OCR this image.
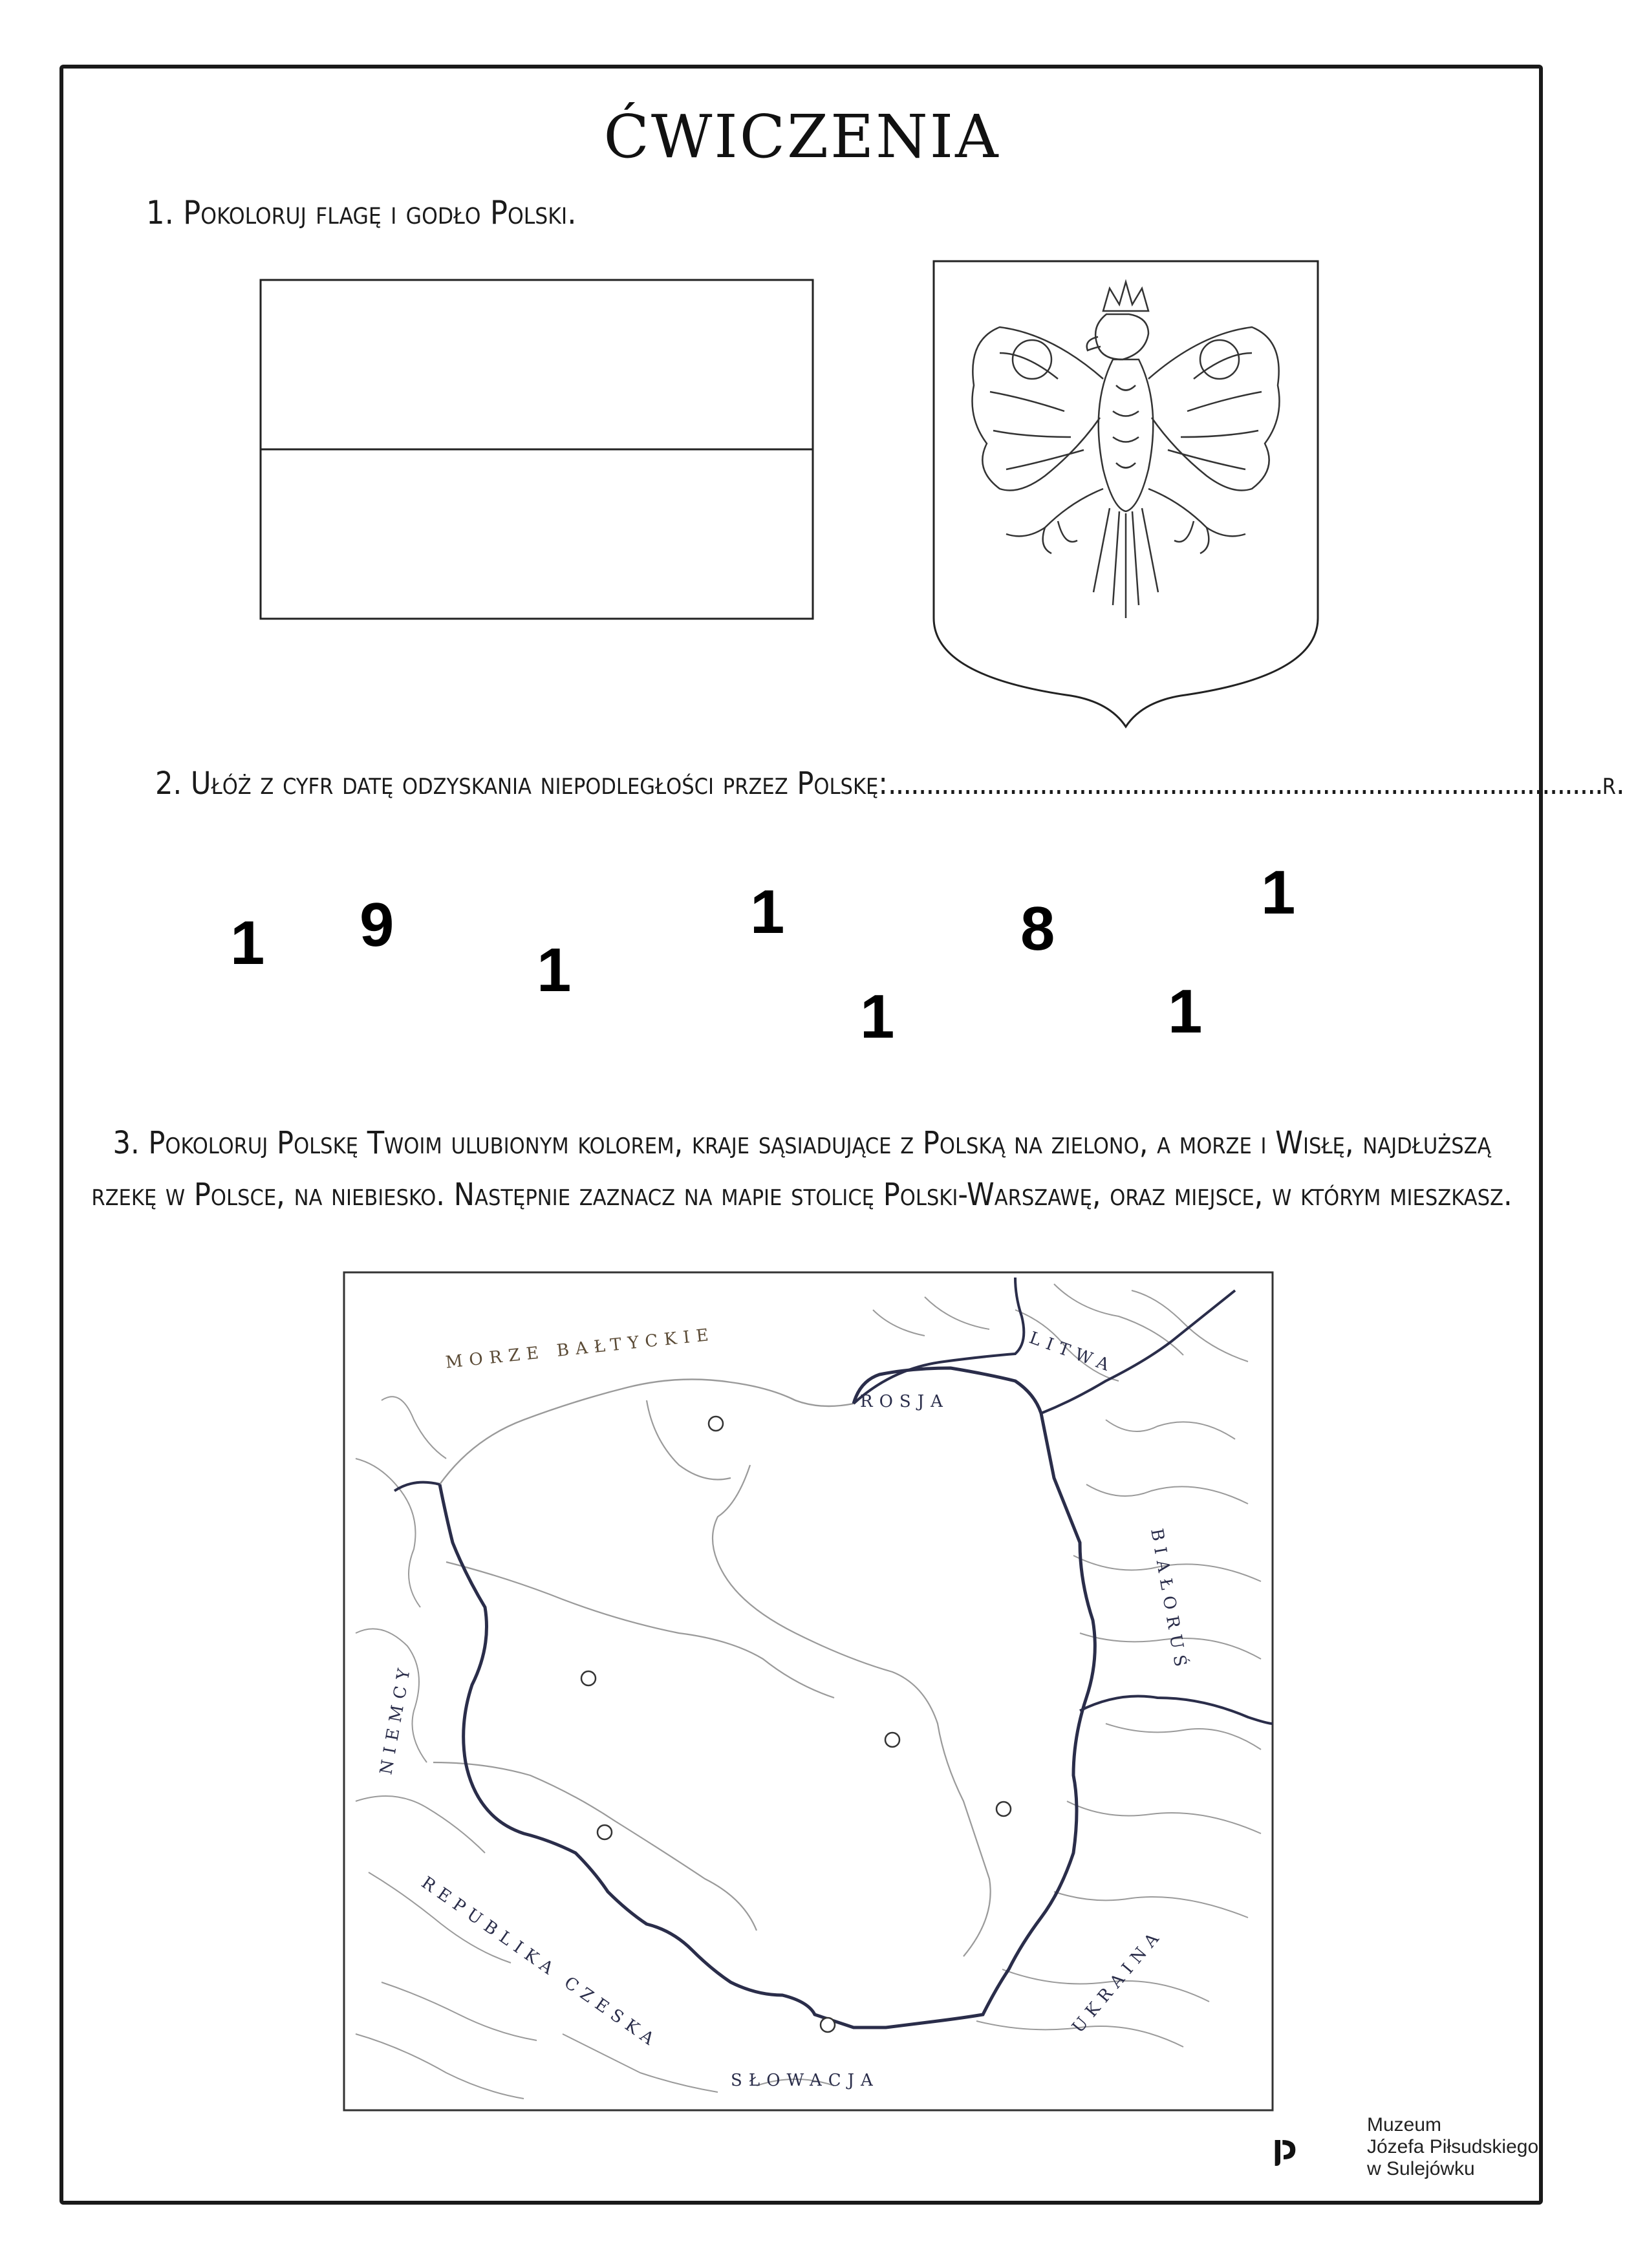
ĆWICZENIA
1. Pokoloruj flagę i godło Polski.
2. Ułóż z cyfr datę odzyskania niepodległości przez Polskę:..............................................................................................r.
1 9
1
1
1
8
1
1
3. Pokoloruj Polskę Twoim ulubionym kolorem, kraje sąsiadujące z Polską na zielono, a morze i Wisłę, najdłuższą
rzekę w Polsce, na niebiesko. Następnie zaznacz na mapie stolicę Polski-Warszawę, oraz miejsce, w którym mieszkasz.
MORZE BAŁTYCKIE
ROSJA
LITWA
BIAŁORUŚ
NIEMCY
REPUBLIKA CZESKA
SŁOWACJA
UKRAINA
Muzeum
Józefa Piłsudskiego
w Sulejówku
